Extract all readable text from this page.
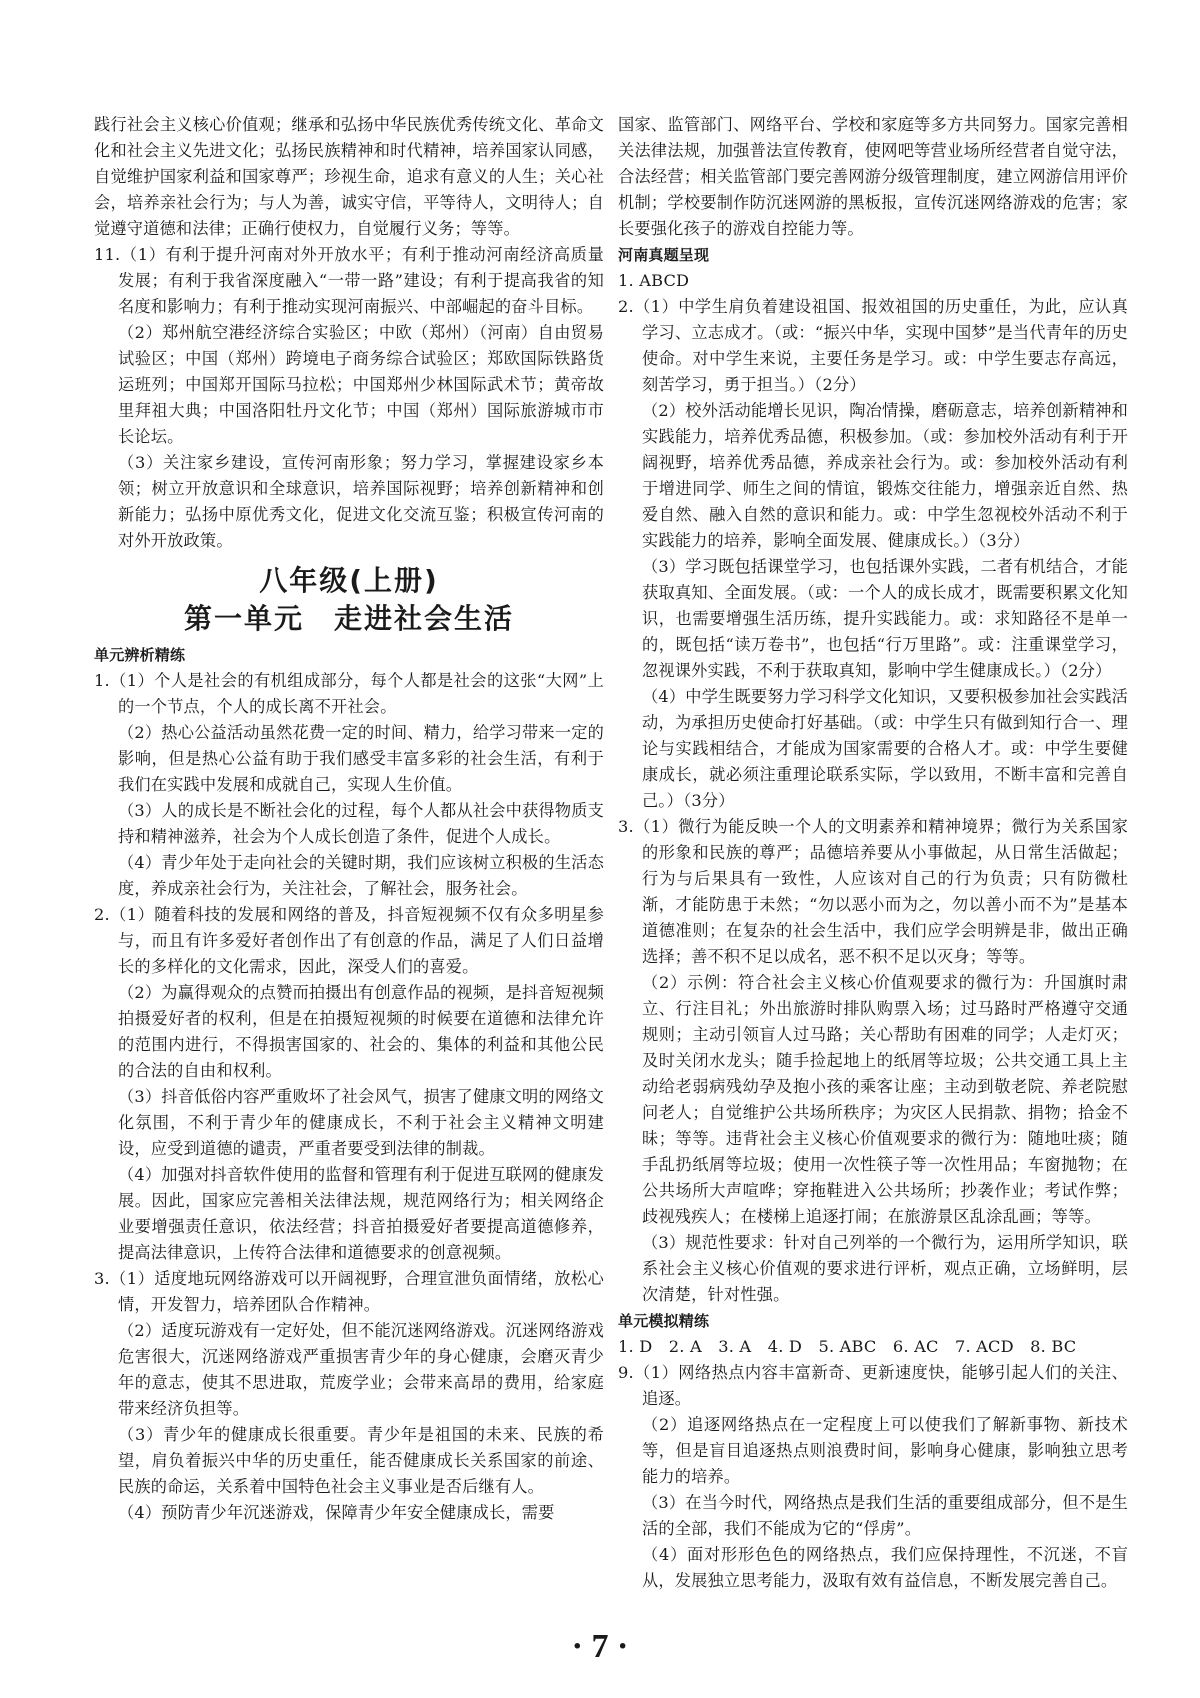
践行社会主义核心价值观；继承和弘扬中华民族优秀传统文化、革命文化和社会主义先进文化；弘扬民族精神和时代精神，培养国家认同感，自觉维护国家利益和国家尊严；珍视生命，追求有意义的人生；关心社会，培养亲社会行为；与人为善，诚实守信，平等待人，文明待人；自觉遵守道德和法律；正确行使权力，自觉履行义务；等等。

11.（1）有利于提升河南对外开放水平；有利于推动河南经济高质量发展；有利于我省深度融入“一带一路”建设；有利于提高我省的知名度和影响力；有利于推动实现河南振兴、中部崛起的奋斗目标。

（2）郑州航空港经济综合实验区；中欧（郑州）（河南）自由贸易试验区；中国（郑州）跨境电子商务综合试验区；郑欧国际铁路货运班列；中国郑开国际马拉松；中国郑州少林国际武术节；黄帝故里拜祖大典；中国洛阳牡丹文化节；中国（郑州）国际旅游城市市长论坛。

（3）关注家乡建设，宣传河南形象；努力学习，掌握建设家乡本领；树立开放意识和全球意识，培养国际视野；培养创新精神和创新能力；弘扬中原优秀文化，促进文化交流互鉴；积极宣传河南的对外开放政策。

八年级(上册)
第一单元　走进社会生活

单元辨析精练

1.（1）个人是社会的有机组成部分，每个人都是社会的这张“大网”上的一个节点，个人的成长离不开社会。

（2）热心公益活动虽然花费一定的时间、精力，给学习带来一定的影响，但是热心公益有助于我们感受丰富多彩的社会生活，有利于我们在实践中发展和成就自己，实现人生价值。

（3）人的成长是不断社会化的过程，每个人都从社会中获得物质支持和精神滋养，社会为个人成长创造了条件，促进个人成长。

（4）青少年处于走向社会的关键时期，我们应该树立积极的生活态度，养成亲社会行为，关注社会，了解社会，服务社会。

2.（1）随着科技的发展和网络的普及，抖音短视频不仅有众多明星参与，而且有许多爱好者创作出了有创意的作品，满足了人们日益增长的多样化的文化需求，因此，深受人们的喜爱。

（2）为赢得观众的点赞而拍摄出有创意作品的视频，是抖音短视频拍摄爱好者的权利，但是在拍摄短视频的时候要在道德和法律允许的范围内进行，不得损害国家的、社会的、集体的利益和其他公民的合法的自由和权利。

（3）抖音低俗内容严重败坏了社会风气，损害了健康文明的网络文化氛围，不利于青少年的健康成长，不利于社会主义精神文明建设，应受到道德的谴责，严重者要受到法律的制裁。

（4）加强对抖音软件使用的监督和管理有利于促进互联网的健康发展。因此，国家应完善相关法律法规，规范网络行为；相关网络企业要增强责任意识，依法经营；抖音拍摄爱好者要提高道德修养，提高法律意识，上传符合法律和道德要求的创意视频。

3.（1）适度地玩网络游戏可以开阔视野，合理宣泄负面情绪，放松心情，开发智力，培养团队合作精神。

（2）适度玩游戏有一定好处，但不能沉迷网络游戏。沉迷网络游戏危害很大，沉迷网络游戏严重损害青少年的身心健康，会磨灭青少年的意志，使其不思进取，荒废学业；会带来高昂的费用，给家庭带来经济负担等。

（3）青少年的健康成长很重要。青少年是祖国的未来、民族的希望，肩负着振兴中华的历史重任，能否健康成长关系国家的前途、民族的命运，关系着中国特色社会主义事业是否后继有人。

（4）预防青少年沉迷游戏，保障青少年安全健康成长，需要

国家、监管部门、网络平台、学校和家庭等多方共同努力。国家完善相关法律法规，加强普法宣传教育，使网吧等营业场所经营者自觉守法，合法经营；相关监管部门要完善网游分级管理制度，建立网游信用评价机制；学校要制作防沉迷网游的黑板报，宣传沉迷网络游戏的危害；家长要强化孩子的游戏自控能力等。

河南真题呈现

1. ABCD

2.（1）中学生肩负着建设祖国、报效祖国的历史重任，为此，应认真学习、立志成才。（或：“振兴中华，实现中国梦”是当代青年的历史使命。对中学生来说，主要任务是学习。或：中学生要志存高远，刻苦学习，勇于担当。）（2分）

（2）校外活动能增长见识，陶冶情操，磨砺意志，培养创新精神和实践能力，培养优秀品德，积极参加。（或：参加校外活动有利于开阔视野，培养优秀品德，养成亲社会行为。或：参加校外活动有利于增进同学、师生之间的情谊，锻炼交往能力，增强亲近自然、热爱自然、融入自然的意识和能力。或：中学生忽视校外活动不利于实践能力的培养，影响全面发展、健康成长。）（3分）

（3）学习既包括课堂学习，也包括课外实践，二者有机结合，才能获取真知、全面发展。（或：一个人的成长成才，既需要积累文化知识，也需要增强生活历练，提升实践能力。或：求知路径不是单一的，既包括“读万卷书”，也包括“行万里路”。或：注重课堂学习，忽视课外实践，不利于获取真知，影响中学生健康成长。）（2分）

（4）中学生既要努力学习科学文化知识，又要积极参加社会实践活动，为承担历史使命打好基础。（或：中学生只有做到知行合一、理论与实践相结合，才能成为国家需要的合格人才。或：中学生要健康成长，就必须注重理论联系实际，学以致用，不断丰富和完善自己。）（3分）

3.（1）微行为能反映一个人的文明素养和精神境界；微行为关系国家的形象和民族的尊严；品德培养要从小事做起，从日常生活做起；行为与后果具有一致性，人应该对自己的行为负责；只有防微杜渐，才能防患于未然；“勿以恶小而为之，勿以善小而不为”是基本道德准则；在复杂的社会生活中，我们应学会明辨是非，做出正确选择；善不积不足以成名，恶不积不足以灭身；等等。

（2）示例：符合社会主义核心价值观要求的微行为：升国旗时肃立、行注目礼；外出旅游时排队购票入场；过马路时严格遵守交通规则；主动引领盲人过马路；关心帮助有困难的同学；人走灯灭；及时关闭水龙头；随手捡起地上的纸屑等垃圾；公共交通工具上主动给老弱病残幼孕及抱小孩的乘客让座；主动到敬老院、养老院慰问老人；自觉维护公共场所秩序；为灾区人民捐款、捐物；拾金不昧；等等。违背社会主义核心价值观要求的微行为：随地吐痰；随手乱扔纸屑等垃圾；使用一次性筷子等一次性用品；车窗抛物；在公共场所大声喧哗；穿拖鞋进入公共场所；抄袭作业；考试作弊；歧视残疾人；在楼梯上追逐打闹；在旅游景区乱涂乱画；等等。

（3）规范性要求：针对自己列举的一个微行为，运用所学知识，联系社会主义核心价值观的要求进行评析，观点正确，立场鲜明，层次清楚，针对性强。

单元模拟精练

1. D　2. A　3. A　4. D　5. ABC　6. AC　7. ACD　8. BC

9.（1）网络热点内容丰富新奇、更新速度快，能够引起人们的关注、追逐。

（2）追逐网络热点在一定程度上可以使我们了解新事物、新技术等，但是盲目追逐热点则浪费时间，影响身心健康，影响独立思考能力的培养。

（3）在当今时代，网络热点是我们生活的重要组成部分，但不是生活的全部，我们不能成为它的“俘虏”。

（4）面对形形色色的网络热点，我们应保持理性，不沉迷，不盲从，发展独立思考能力，汲取有效有益信息，不断发展完善自己。

· 7 ·
